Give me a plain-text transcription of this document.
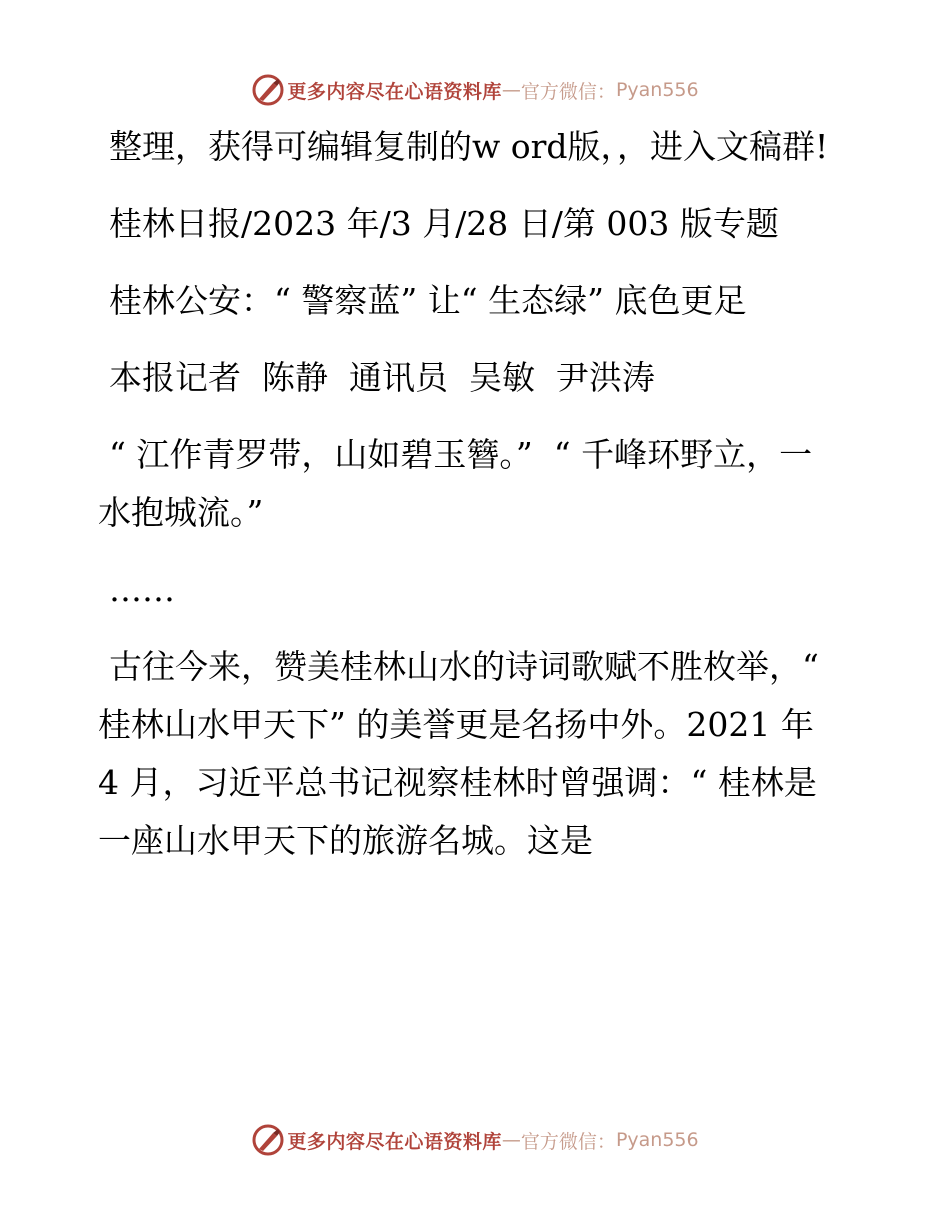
更多内容尽在心语资料库 — 官方微信： Pyan556

整理，获得可编辑复制的w ord版，，进入文稿群!

桂林日报/2023 年/3 月/28 日/第 003 版专题

桂林公安：“ 警察蓝” 让“ 生态绿” 底色更足

本报记者  陈静  通讯员  吴敏  尹洪涛

“ 江作青罗带，山如碧玉簪。”  “ 千峰环野立，一水抱城流。”

……

古往今来，赞美桂林山水的诗词歌赋不胜枚举，“ 桂林山水甲天下” 的美誉更是名扬中外。2021 年 4 月，习近平总书记视察桂林时曾强调：“ 桂林是一座山水甲天下的旅游名城。这是

更多内容尽在心语资料库 — 官方微信： Pyan556
